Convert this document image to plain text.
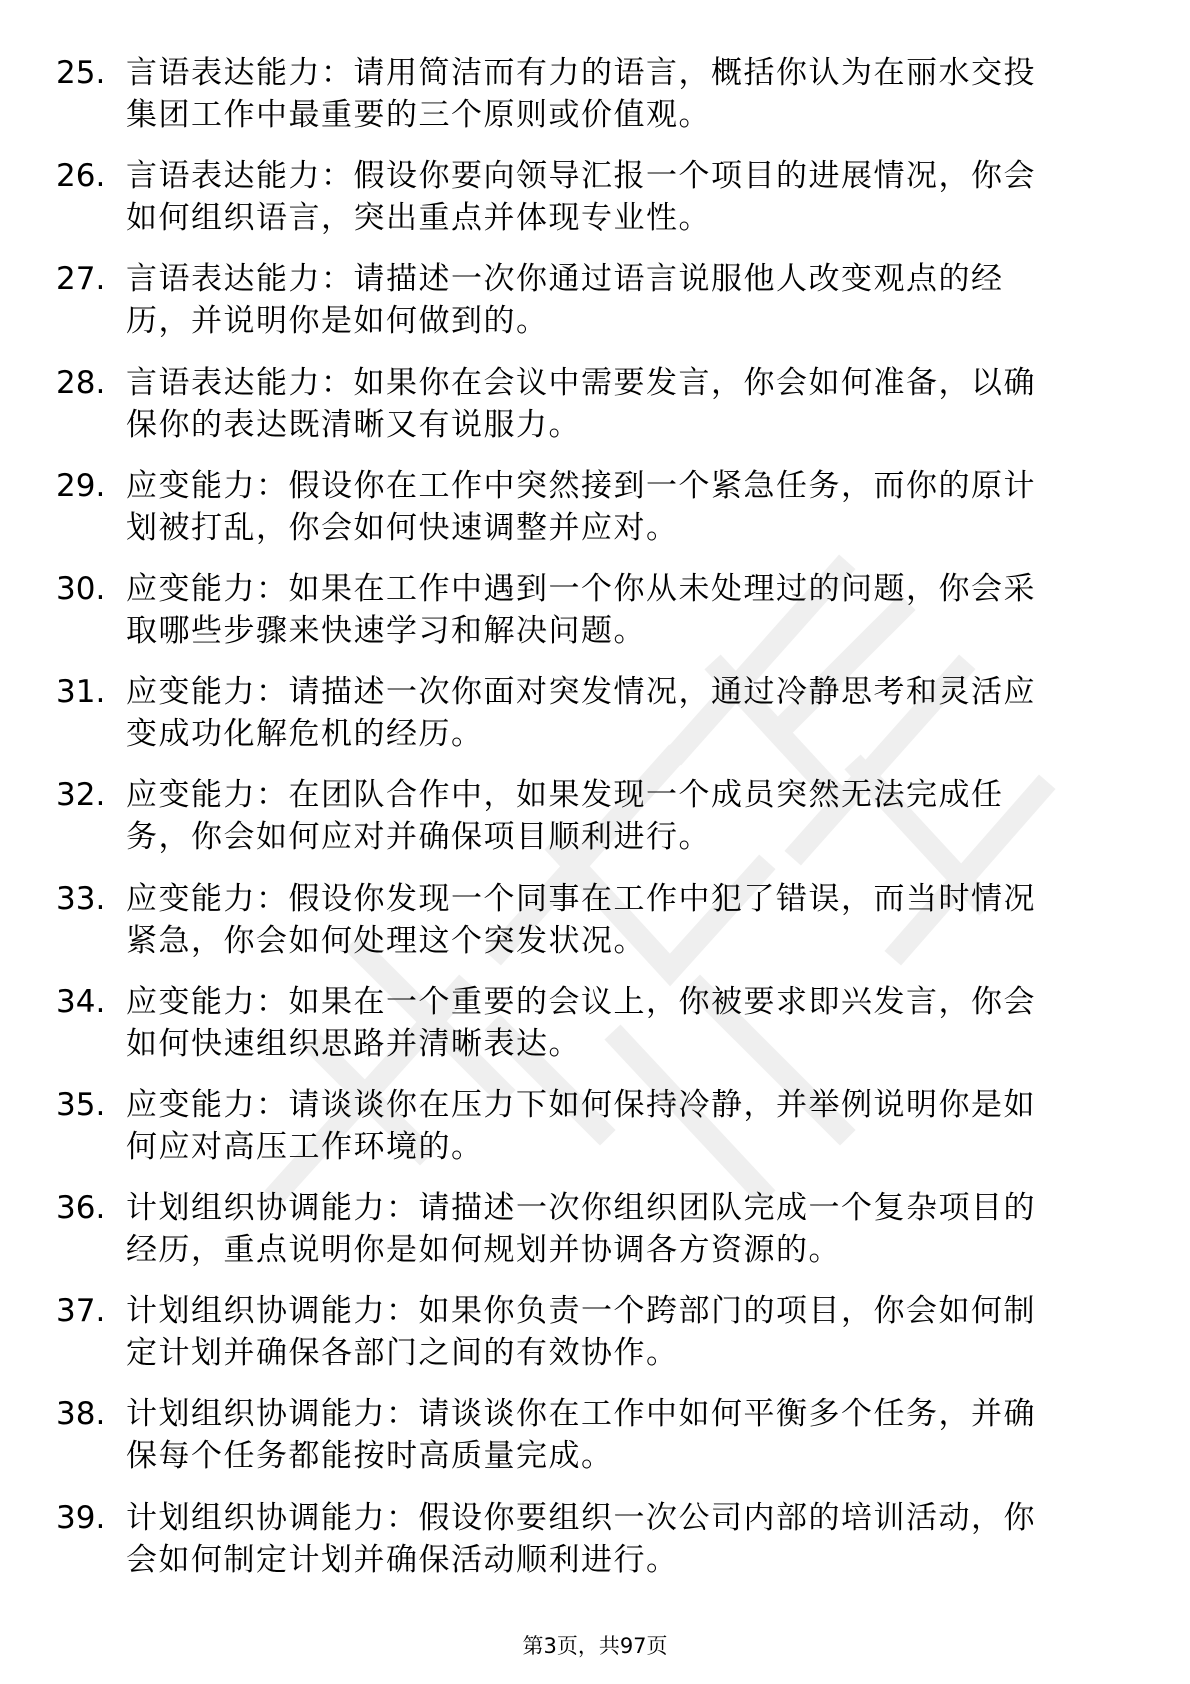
25. 言语表达能力：请用简洁而有力的语言，概括你认为在丽水交投
集团工作中最重要的三个原则或价值观。
26. 言语表达能力：假设你要向领导汇报一个项目的进展情况，你会
如何组织语言，突出重点并体现专业性。
27. 言语表达能力：请描述一次你通过语言说服他人改变观点的经
历，并说明你是如何做到的。
28. 言语表达能力：如果你在会议中需要发言，你会如何准备，以确
保你的表达既清晰又有说服力。
29. 应变能力：假设你在工作中突然接到一个紧急任务，而你的原计
划被打乱，你会如何快速调整并应对。
30. 应变能力：如果在工作中遇到一个你从未处理过的问题，你会采
取哪些步骤来快速学习和解决问题。
31. 应变能力：请描述一次你面对突发情况，通过冷静思考和灵活应
变成功化解危机的经历。
32. 应变能力：在团队合作中，如果发现一个成员突然无法完成任
务，你会如何应对并确保项目顺利进行。
33. 应变能力：假设你发现一个同事在工作中犯了错误，而当时情况
紧急，你会如何处理这个突发状况。
34. 应变能力：如果在一个重要的会议上，你被要求即兴发言，你会
如何快速组织思路并清晰表达。
35. 应变能力：请谈谈你在压力下如何保持冷静，并举例说明你是如
何应对高压工作环境的。
36. 计划组织协调能力：请描述一次你组织团队完成一个复杂项目的
经历，重点说明你是如何规划并协调各方资源的。
37. 计划组织协调能力：如果你负责一个跨部门的项目，你会如何制
定计划并确保各部门之间的有效协作。
38. 计划组织协调能力：请谈谈你在工作中如何平衡多个任务，并确
保每个任务都能按时高质量完成。
39. 计划组织协调能力：假设你要组织一次公司内部的培训活动，你
会如何制定计划并确保活动顺利进行。
第3页，共97页
